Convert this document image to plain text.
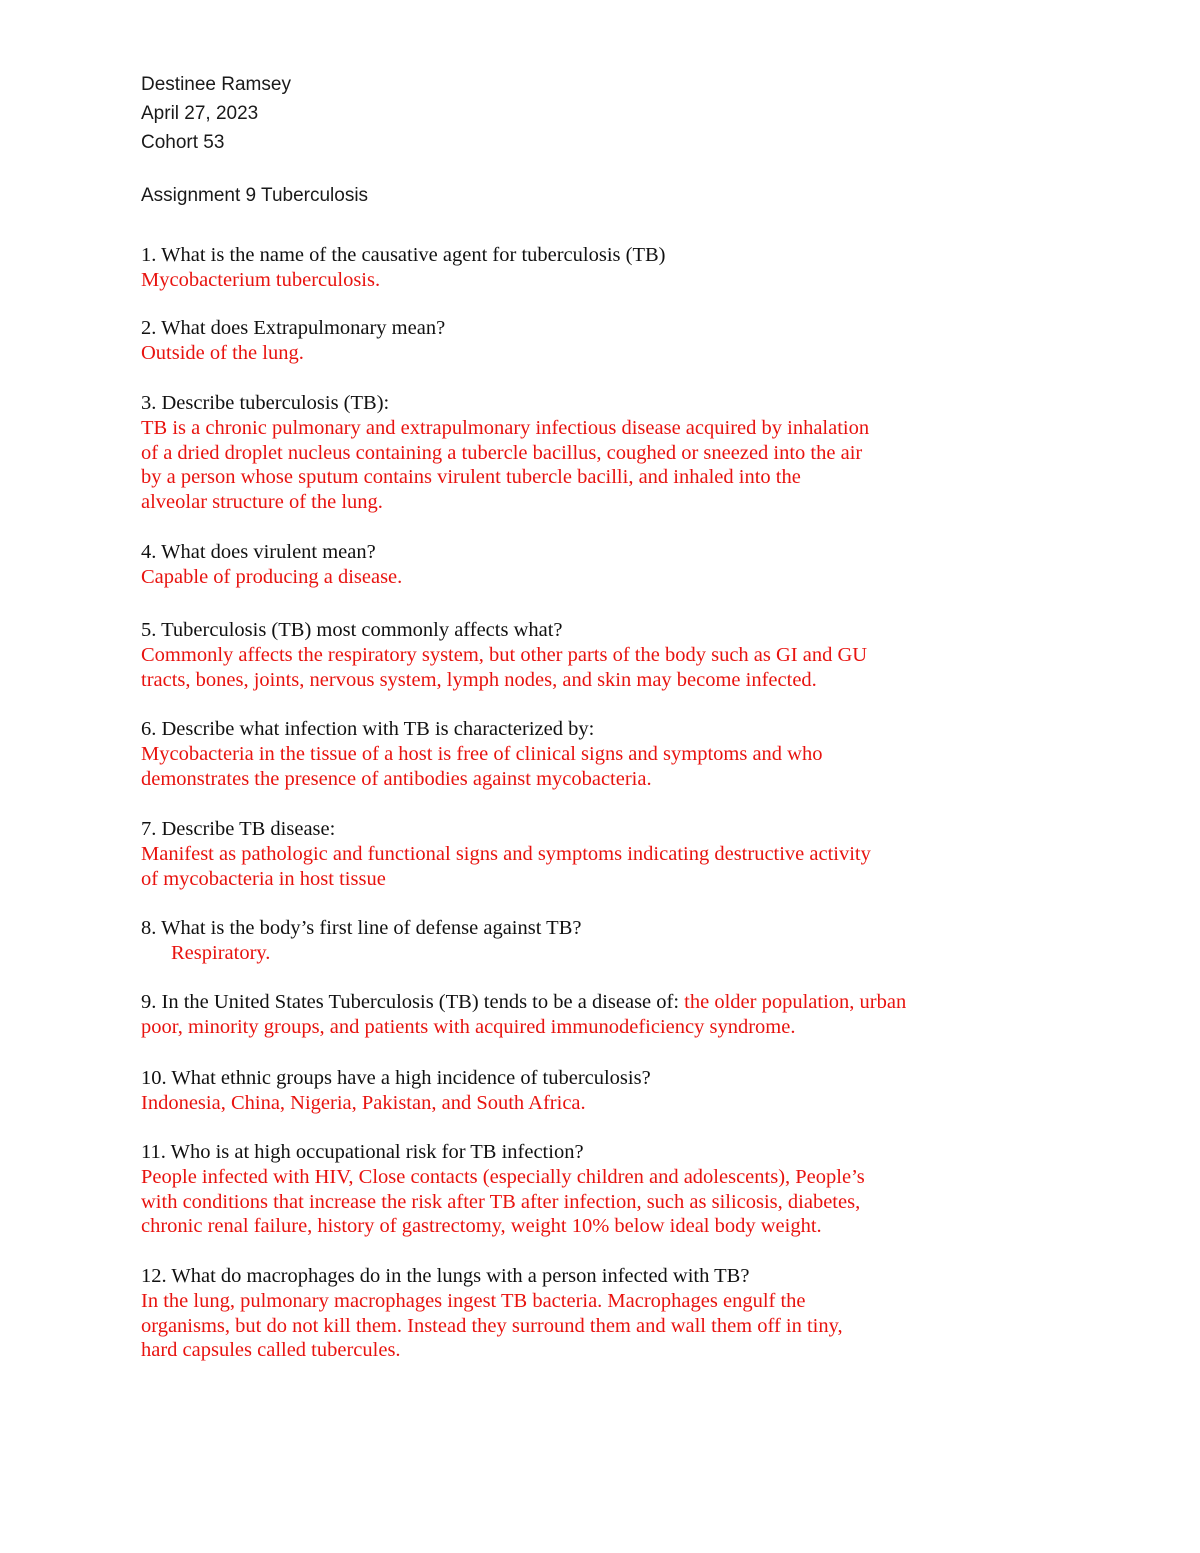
Destinee Ramsey
April 27, 2023
Cohort 53
Assignment 9 Tuberculosis
1. What is the name of the causative agent for tuberculosis (TB)
Mycobacterium tuberculosis.
2. What does Extrapulmonary mean?
Outside of the lung.
3. Describe tuberculosis (TB):
TB is a chronic pulmonary and extrapulmonary infectious disease acquired by inhalation
of a dried droplet nucleus containing a tubercle bacillus, coughed or sneezed into the air
by a person whose sputum contains virulent tubercle bacilli, and inhaled into the
alveolar structure of the lung.
4. What does virulent mean?
Capable of producing a disease.
5. Tuberculosis (TB) most commonly affects what?
Commonly affects the respiratory system, but other parts of the body such as GI and GU
tracts, bones, joints, nervous system, lymph nodes, and skin may become infected.
6. Describe what infection with TB is characterized by:
Mycobacteria in the tissue of a host is free of clinical signs and symptoms and who
demonstrates the presence of antibodies against mycobacteria.
7. Describe TB disease:
Manifest as pathologic and functional signs and symptoms indicating destructive activity
of mycobacteria in host tissue
8. What is the body’s first line of defense against TB?
Respiratory.
9. In the United States Tuberculosis (TB) tends to be a disease of: the older population, urban
poor, minority groups, and patients with acquired immunodeficiency syndrome.
10. What ethnic groups have a high incidence of tuberculosis?
Indonesia, China, Nigeria, Pakistan, and South Africa.
11. Who is at high occupational risk for TB infection?
People infected with HIV, Close contacts (especially children and adolescents), People’s
with conditions that increase the risk after TB after infection, such as silicosis, diabetes,
chronic renal failure, history of gastrectomy, weight 10% below ideal body weight.
12. What do macrophages do in the lungs with a person infected with TB?
In the lung, pulmonary macrophages ingest TB bacteria. Macrophages engulf the
organisms, but do not kill them. Instead they surround them and wall them off in tiny,
hard capsules called tubercules.
